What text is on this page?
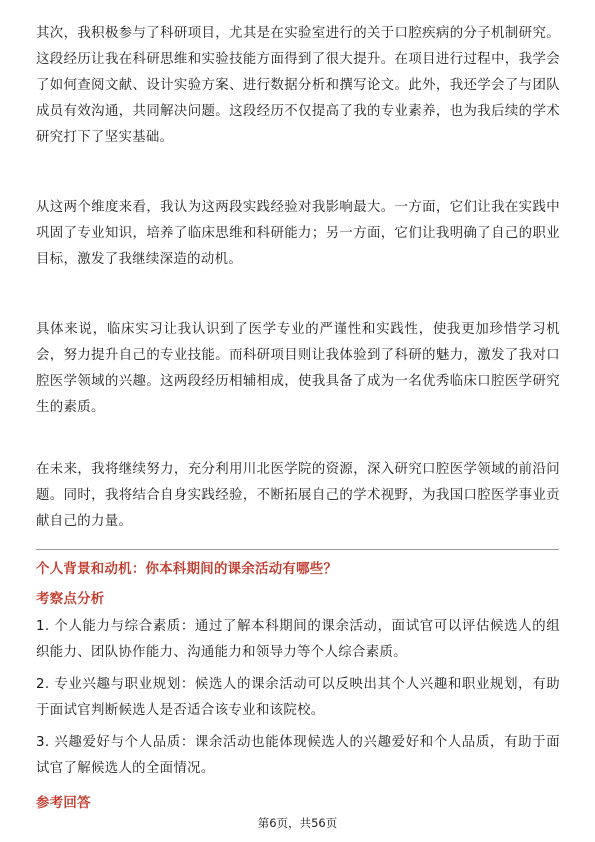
其次，我积极参与了科研项目，尤其是在实验室进行的关于口腔疾病的分子机制研究。这段经历让我在科研思维和实验技能方面得到了很大提升。在项目进行过程中，我学会了如何查阅文献、设计实验方案、进行数据分析和撰写论文。此外，我还学会了与团队成员有效沟通，共同解决问题。这段经历不仅提高了我的专业素养，也为我后续的学术研究打下了坚实基础。

从这两个维度来看，我认为这两段实践经验对我影响最大。一方面，它们让我在实践中巩固了专业知识，培养了临床思维和科研能力；另一方面，它们让我明确了自己的职业目标，激发了我继续深造的动机。

具体来说，临床实习让我认识到了医学专业的严谨性和实践性，使我更加珍惜学习机会，努力提升自己的专业技能。而科研项目则让我体验到了科研的魅力，激发了我对口腔医学领域的兴趣。这两段经历相辅相成，使我具备了成为一名优秀临床口腔医学研究生的素质。

在未来，我将继续努力，充分利用川北医学院的资源，深入研究口腔医学领域的前沿问题。同时，我将结合自身实践经验，不断拓展自己的学术视野，为我国口腔医学事业贡献自己的力量。

个人背景和动机：你本科期间的课余活动有哪些？
考察点分析

1. 个人能力与综合素质：通过了解本科期间的课余活动，面试官可以评估候选人的组织能力、团队协作能力、沟通能力和领导力等个人综合素质。

2. 专业兴趣与职业规划：候选人的课余活动可以反映出其个人兴趣和职业规划，有助于面试官判断候选人是否适合该专业和该院校。

3. 兴趣爱好与个人品质：课余活动也能体现候选人的兴趣爱好和个人品质，有助于面试官了解候选人的全面情况。

参考回答
第6页，共56页
